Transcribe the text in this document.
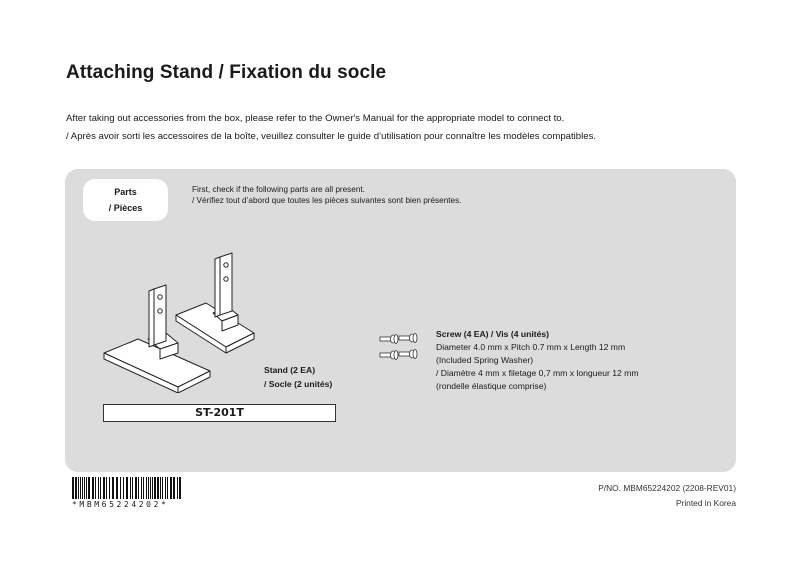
Attaching Stand / Fixation du socle
After taking out accessories from the box, please refer to the Owner's Manual for the appropriate model to connect to.
/ Après avoir sorti les accessoires de la boîte, veuillez consulter le guide d’utilisation pour connaître les modèles compatibles.
Parts
/ Pièces
First, check if the following parts are all present.
/ Vérifiez tout d’abord que toutes les pièces suivantes sont bien présentes.
Stand (2 EA)
/ Socle (2 unités)
ST-201T
Screw (4 EA) / Vis (4 unités)
Diameter 4.0 mm x Pitch 0.7 mm x Length 12 mm
(Included Spring Washer)
/ Diamètre 4 mm x filetage 0,7 mm x longueur 12 mm
(rondelle élastique comprise)
*MBM65224202*
P/NO. MBM65224202 (2208-REV01)
Printed in Korea
